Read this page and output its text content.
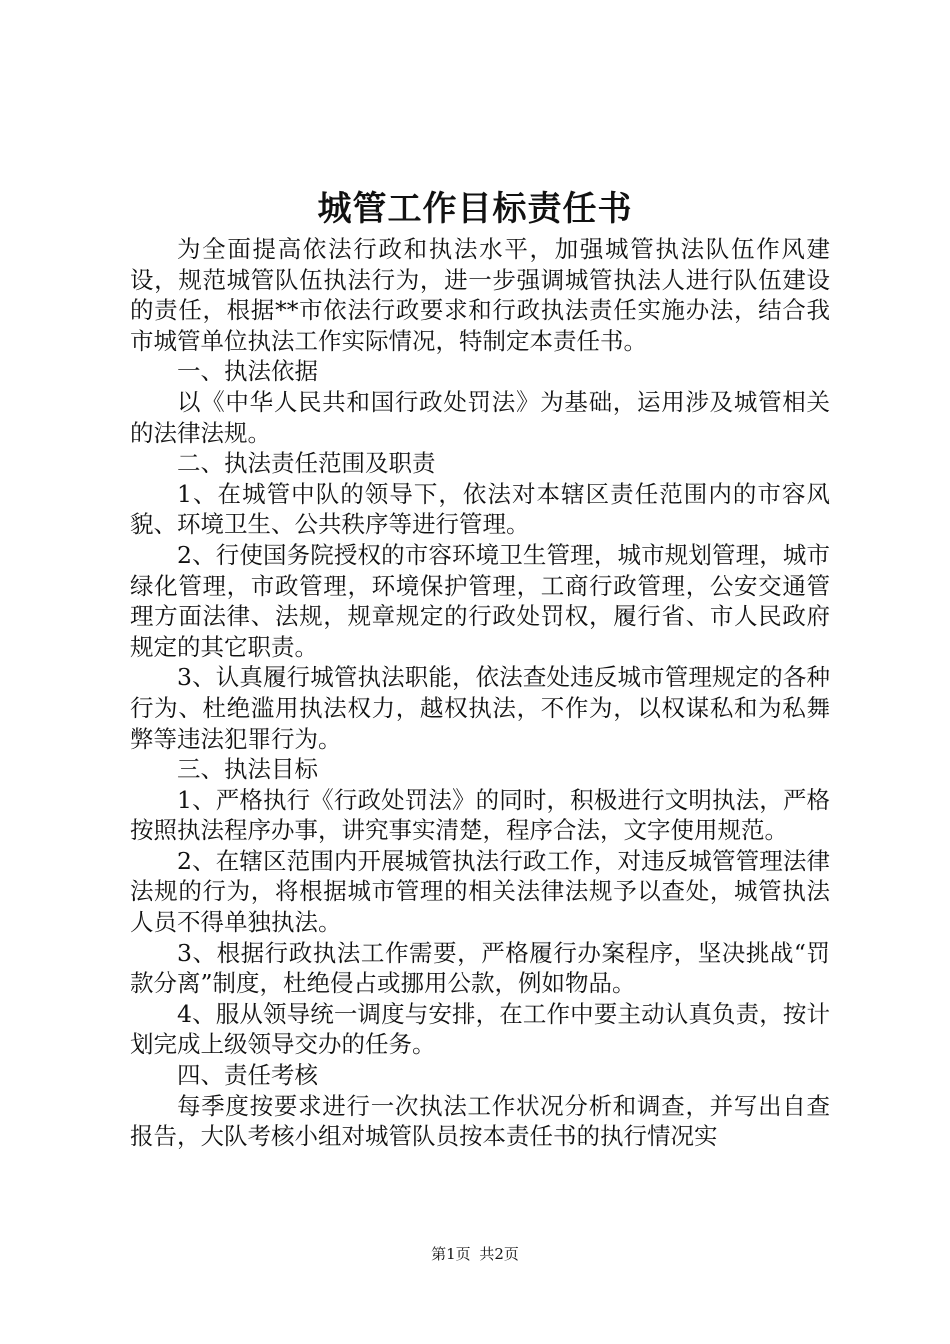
城管工作目标责任书

为全面提高依法行政和执法水平，加强城管执法队伍作风建设，规范城管队伍执法行为，进一步强调城管执法人进行队伍建设的责任，根据**市依法行政要求和行政执法责任实施办法，结合我市城管单位执法工作实际情况，特制定本责任书。

一、执法依据

以《中华人民共和国行政处罚法》为基础，运用涉及城管相关的法律法规。

二、执法责任范围及职责

1、在城管中队的领导下，依法对本辖区责任范围内的市容风貌、环境卫生、公共秩序等进行管理。

2、行使国务院授权的市容环境卫生管理，城市规划管理，城市绿化管理，市政管理，环境保护管理，工商行政管理，公安交通管理方面法律、法规，规章规定的行政处罚权，履行省、市人民政府规定的其它职责。

3、认真履行城管执法职能，依法查处违反城市管理规定的各种行为、杜绝滥用执法权力，越权执法，不作为，以权谋私和为私舞弊等违法犯罪行为。

三、执法目标

1、严格执行《行政处罚法》的同时，积极进行文明执法，严格按照执法程序办事，讲究事实清楚，程序合法，文字使用规范。

2、在辖区范围内开展城管执法行政工作，对违反城管管理法律法规的行为，将根据城市管理的相关法律法规予以查处，城管执法人员不得单独执法。

3、根据行政执法工作需要，严格履行办案程序，坚决挑战“罚款分离”制度，杜绝侵占或挪用公款，例如物品。

4、服从领导统一调度与安排，在工作中要主动认真负责，按计划完成上级领导交办的任务。

四、责任考核

每季度按要求进行一次执法工作状况分析和调查，并写出自查报告，大队考核小组对城管队员按本责任书的执行情况实

第1页 共2页
